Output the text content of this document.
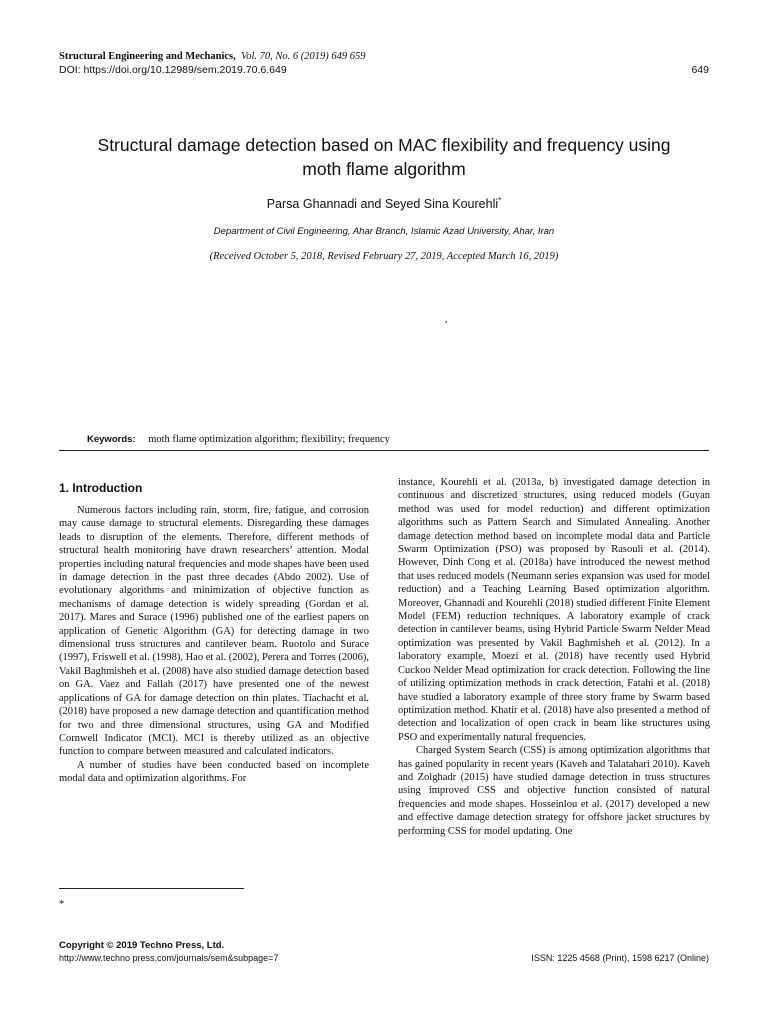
Structural Engineering and Mechanics, Vol. 70, No. 6 (2019) 649 659
DOI: https://doi.org/10.12989/sem.2019.70.6.649	649
Structural damage detection based on MAC flexibility and frequency using
moth flame algorithm
Parsa Ghannadi and Seyed Sina Kourehli*
Department of Civil Engineering, Ahar Branch, Islamic Azad University, Ahar, Iran
(Received October 5, 2018, Revised February 27, 2019, Accepted March 16, 2019)
,
Keywords: moth flame optimization algorithm; flexibility; frequency
1. Introduction

Numerous factors including rain, storm, fire, fatigue, and corrosion may cause damage to structural elements. Disregarding these damages leads to disruption of the elements. Therefore, different methods of structural health monitoring have drawn researchers’ attention. Modal properties including natural frequencies and mode shapes have been used in damage detection in the past three decades (Abdo 2002). Use of evolutionary algorithms and minimization of objective function as mechanisms of damage detection is widely spreading (Gordan et al. 2017). Mares and Surace (1996) published one of the earliest papers on application of Genetic Algorithm (GA) for detecting damage in two dimensional truss structures and cantilever beam. Ruotolo and Surace (1997), Friswell et al. (1998), Hao et al. (2002), Perera and Torres (2006), Vakil Baghmisheh et al. (2008) have also studied damage detection based on GA. Vaez and Fallah (2017) have presented one of the newest applications of GA for damage detection on thin plates. Tiachacht et al. (2018) have proposed a new damage detection and quantification method for two and three dimensional structures, using GA and Modified Cornwell Indicator (MCI). MCI is thereby utilized as an objective function to compare between measured and calculated indicators.

A number of studies have been conducted based on incomplete modal data and optimization algorithms. For

instance, Kourehli et al. (2013a, b) investigated damage detection in continuous and discretized structures, using reduced models (Guyan method was used for model reduction) and different optimization algorithms such as Pattern Search and Simulated Annealing. Another damage detection method based on incomplete modal data and Particle Swarm Optimization (PSO) was proposed by Rasouli et al. (2014). However, Dinh Cong et al. (2018a) have introduced the newest method that uses reduced models (Neumann series expansion was used for model reduction) and a Teaching Learning Based optimization algorithm. Moreover, Ghannadi and Kourehli (2018) studied different Finite Element Model (FEM) reduction techniques. A laboratory example of crack detection in cantilever beams, using Hybrid Particle Swarm Nelder Mead optimization was presented by Vakil Baghmisheh et al. (2012). In a laboratory example, Moezi et al. (2018) have recently used Hybrid Cuckoo Nelder Mead optimization for crack detection. Following the line of utilizing optimization methods in crack detection, Fatahi et al. (2018) have studied a laboratory example of three story frame by Swarm based optimization method. Khatir et al. (2018) have also presented a method of detection and localization of open crack in beam like structures using PSO and experimentally natural frequencies.

Charged System Search (CSS) is among optimization algorithms that has gained popularity in recent years (Kaveh and Talatahari 2010). Kaveh and Zolghadr (2015) have studied damage detection in truss structures using improved CSS and objective function consisted of natural frequencies and mode shapes. Hosseinlou et al. (2017) developed a new and effective damage detection strategy for offshore jacket structures by performing CSS for model updating. One

*
Copyright © 2019 Techno Press, Ltd.
http://www.techno press.com/journals/sem&subpage=7	ISSN: 1225 4568 (Print), 1598 6217 (Online)
